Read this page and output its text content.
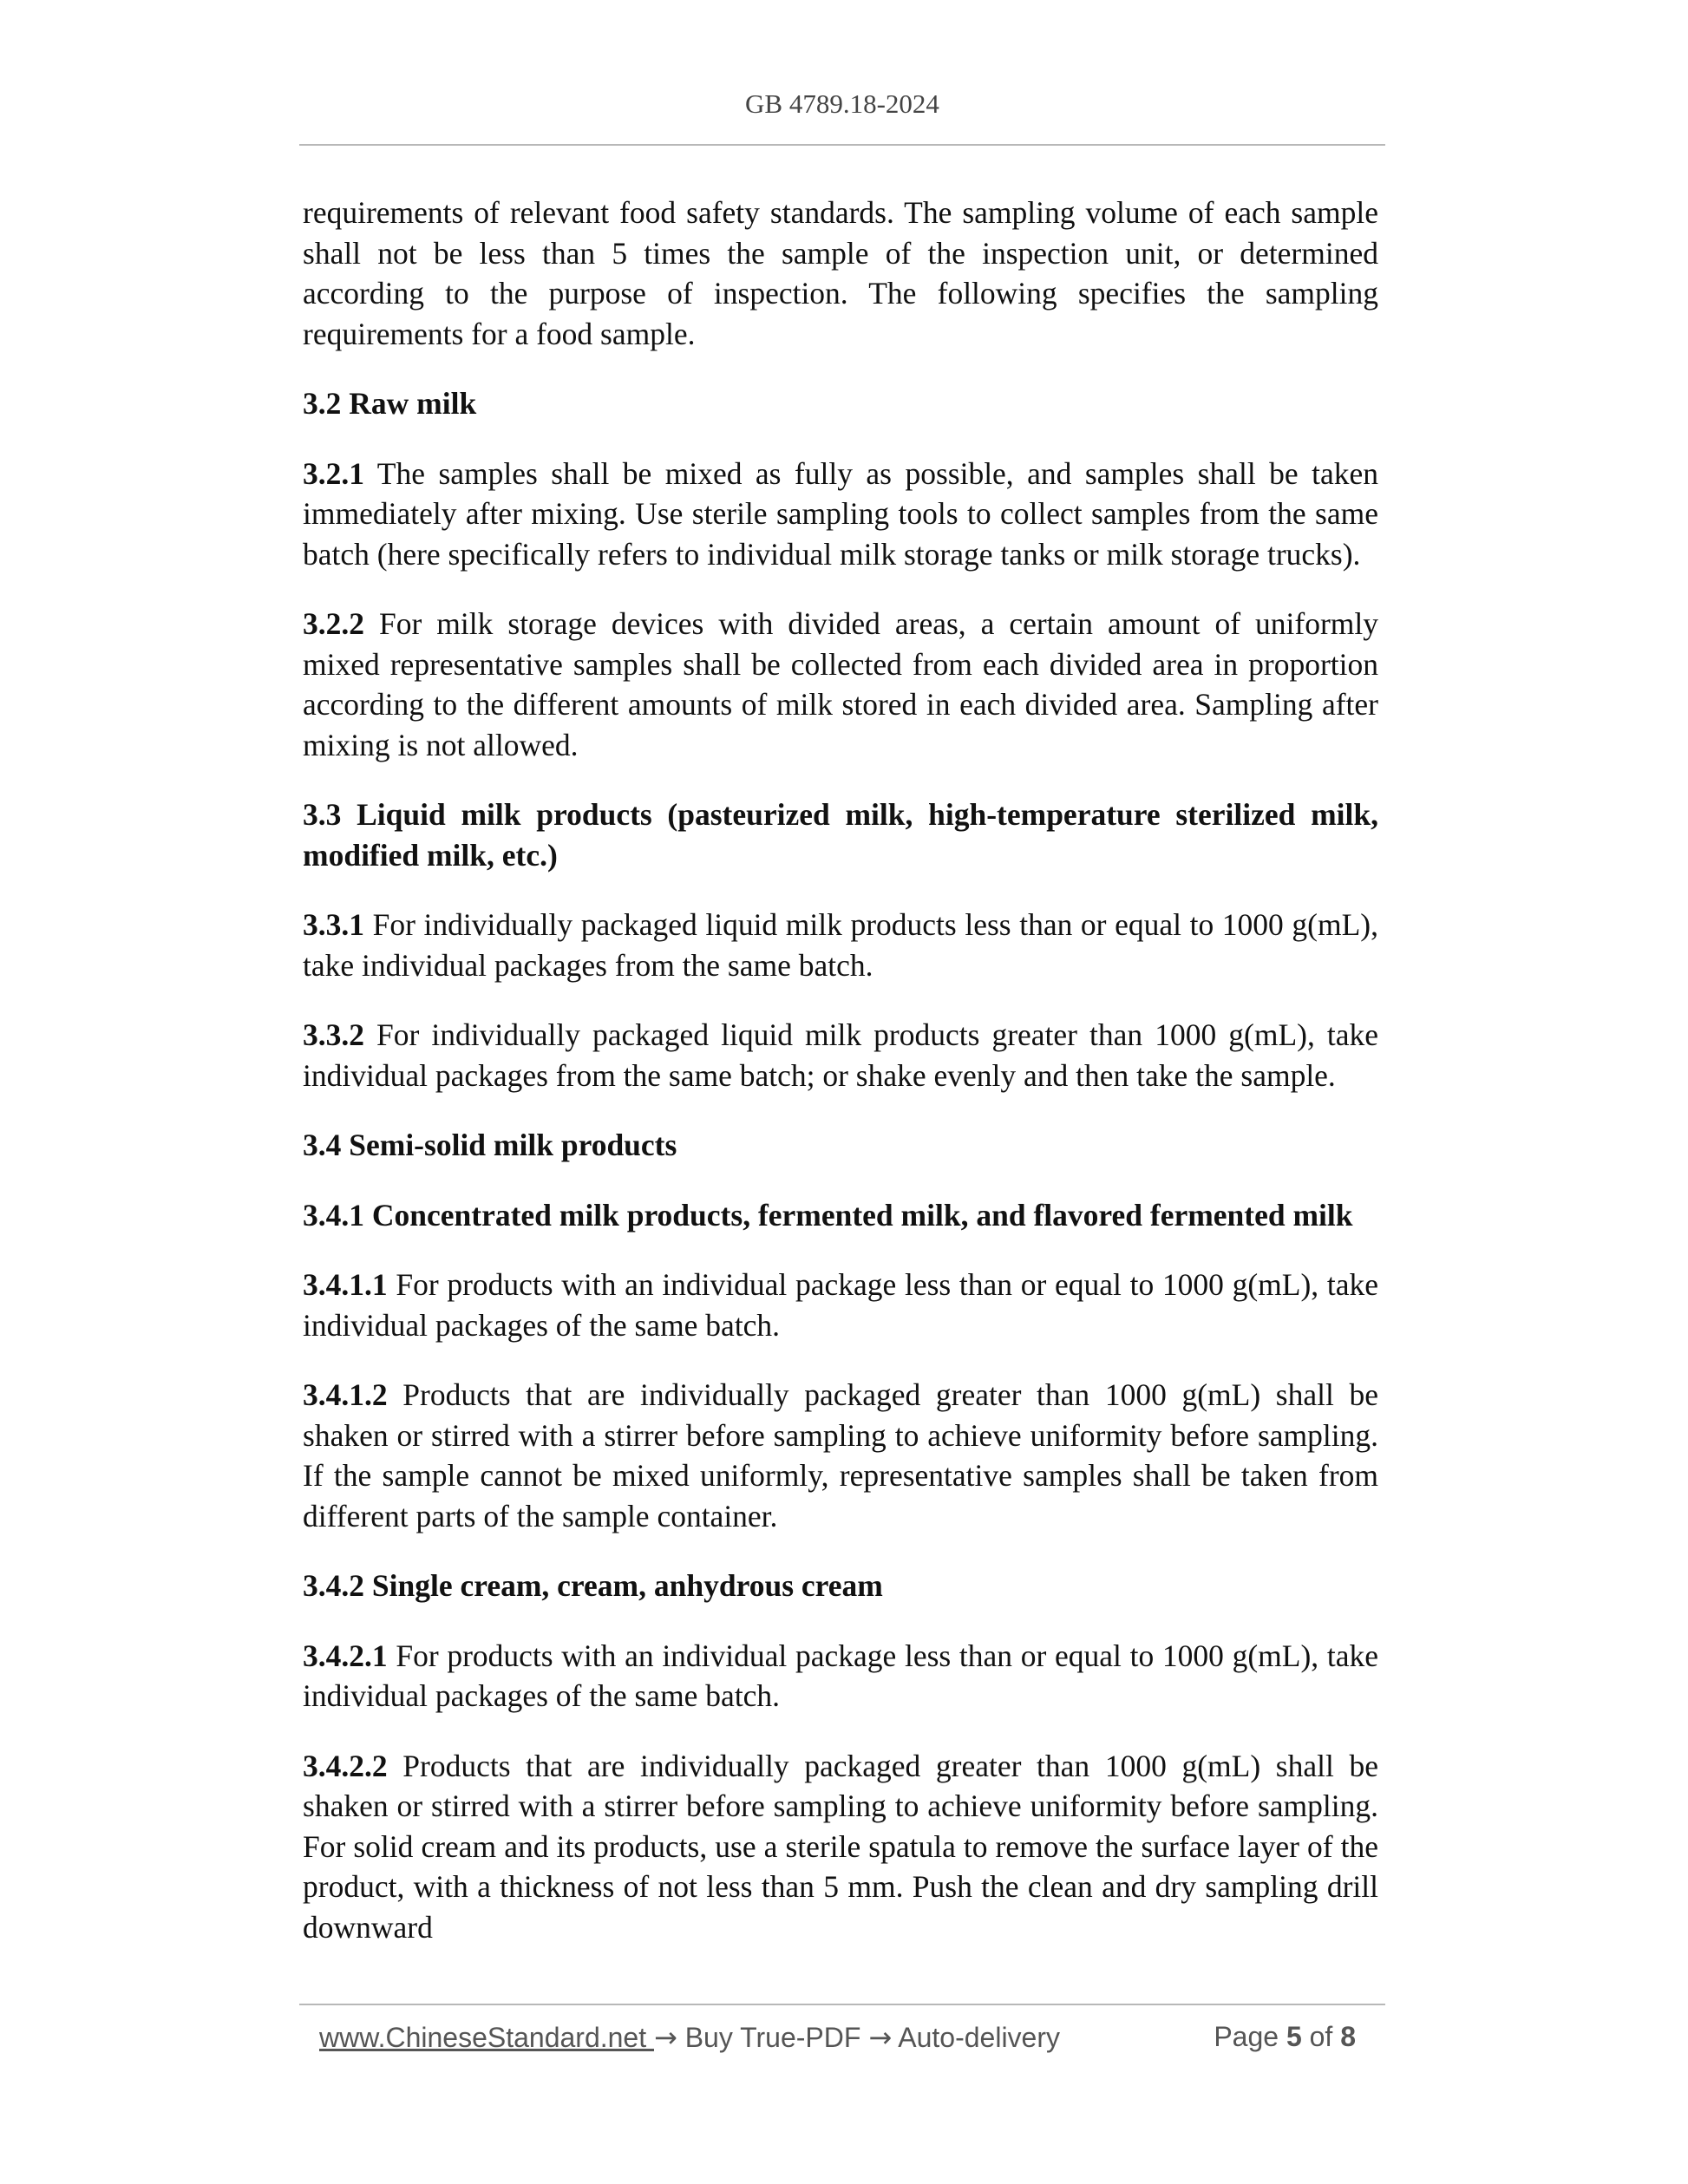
GB 4789.18-2024

requirements of relevant food safety standards. The sampling volume of each sample shall not be less than 5 times the sample of the inspection unit, or determined according to the purpose of inspection. The following specifies the sampling requirements for a food sample.

3.2 Raw milk

3.2.1 The samples shall be mixed as fully as possible, and samples shall be taken immediately after mixing. Use sterile sampling tools to collect samples from the same batch (here specifically refers to individual milk storage tanks or milk storage trucks).

3.2.2 For milk storage devices with divided areas, a certain amount of uniformly mixed representative samples shall be collected from each divided area in proportion according to the different amounts of milk stored in each divided area. Sampling after mixing is not allowed.

3.3 Liquid milk products (pasteurized milk, high-temperature sterilized milk, modified milk, etc.)

3.3.1 For individually packaged liquid milk products less than or equal to 1000 g(mL), take individual packages from the same batch.

3.3.2 For individually packaged liquid milk products greater than 1000 g(mL), take individual packages from the same batch; or shake evenly and then take the sample.

3.4 Semi-solid milk products

3.4.1 Concentrated milk products, fermented milk, and flavored fermented milk

3.4.1.1 For products with an individual package less than or equal to 1000 g(mL), take individual packages of the same batch.

3.4.1.2 Products that are individually packaged greater than 1000 g(mL) shall be shaken or stirred with a stirrer before sampling to achieve uniformity before sampling. If the sample cannot be mixed uniformly, representative samples shall be taken from different parts of the sample container.

3.4.2 Single cream, cream, anhydrous cream

3.4.2.1 For products with an individual package less than or equal to 1000 g(mL), take individual packages of the same batch.

3.4.2.2 Products that are individually packaged greater than 1000 g(mL) shall be shaken or stirred with a stirrer before sampling to achieve uniformity before sampling. For solid cream and its products, use a sterile spatula to remove the surface layer of the product, with a thickness of not less than 5 mm. Push the clean and dry sampling drill downward

www.ChineseStandard.net → Buy True-PDF → Auto-delivery	Page 5 of 8
